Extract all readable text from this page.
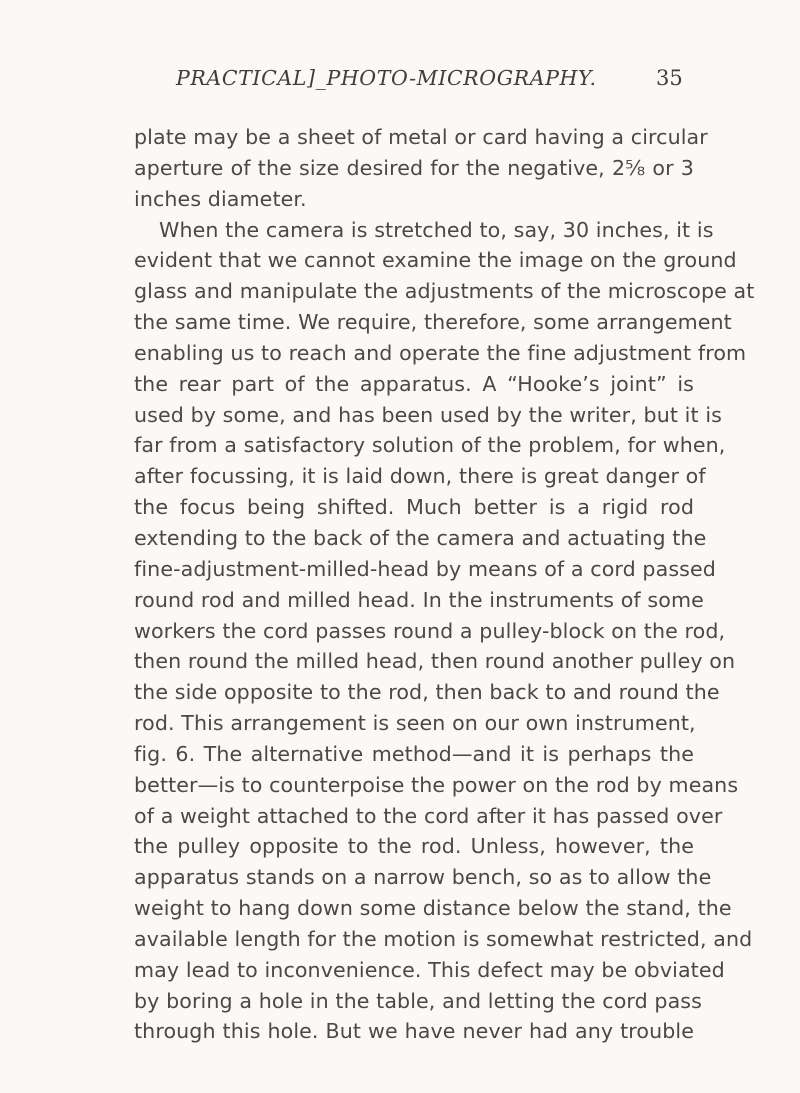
PRACTICAL]_PHOTO-MICROGRAPHY.	35
plate may be a sheet of metal or card having a circular
aperture of the size desired for the negative, 2⅝ or 3
inches diameter.
When the camera is stretched to, say, 30 inches, it is
evident that we cannot examine the image on the ground
glass and manipulate the adjustments of the microscope at
the same time. We require, therefore, some arrangement
enabling us to reach and operate the fine adjustment from
the rear part of the apparatus. A “Hooke’s joint” is
used by some, and has been used by the writer, but it is
far from a satisfactory solution of the problem, for when,
after focussing, it is laid down, there is great danger of
the focus being shifted. Much better is a rigid rod
extending to the back of the camera and actuating the
fine-adjustment-milled-head by means of a cord passed
round rod and milled head. In the instruments of some
workers the cord passes round a pulley-block on the rod,
then round the milled head, then round another pulley on
the side opposite to the rod, then back to and round the
rod. This arrangement is seen on our own instrument,
fig. 6. The alternative method—and it is perhaps the
better—is to counterpoise the power on the rod by means
of a weight attached to the cord after it has passed over
the pulley opposite to the rod. Unless, however, the
apparatus stands on a narrow bench, so as to allow the
weight to hang down some distance below the stand, the
available length for the motion is somewhat restricted, and
may lead to inconvenience. This defect may be obviated
by boring a hole in the table, and letting the cord pass
through this hole. But we have never had any trouble
